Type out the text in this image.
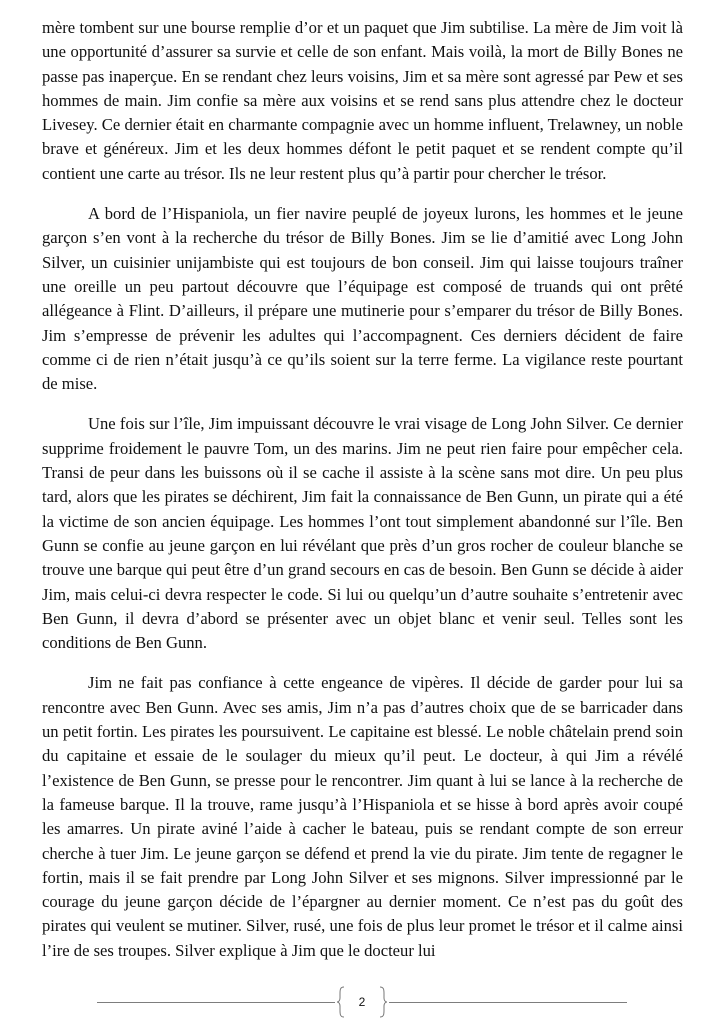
mère tombent sur une bourse remplie d’or et un paquet que Jim subtilise. La mère de Jim voit là une opportunité d’assurer sa survie et celle de son enfant. Mais voilà, la mort de Billy Bones ne passe pas inaperçue. En se rendant chez leurs voisins, Jim et sa mère sont agressé par Pew et ses hommes de main. Jim confie sa mère aux voisins et se rend sans plus attendre chez le docteur Livesey. Ce dernier était en charmante compagnie avec un homme influent, Trelawney, un noble brave et généreux. Jim et les deux hommes défont le petit paquet et se rendent compte qu’il contient une carte au trésor. Ils ne leur restent plus qu’à partir pour chercher le trésor.

A bord de l’Hispaniola, un fier navire peuplé de joyeux lurons, les hommes et le jeune garçon s’en vont à la recherche du trésor de Billy Bones. Jim se lie d’amitié avec Long John Silver, un cuisinier unijambiste qui est toujours de bon conseil. Jim qui laisse toujours traîner une oreille un peu partout découvre que l’équipage est composé de truands qui ont prêté allégeance à Flint. D’ailleurs, il prépare une mutinerie pour s’emparer du trésor de Billy Bones. Jim s’empresse de prévenir les adultes qui l’accompagnent. Ces derniers décident de faire comme ci de rien n’était jusqu’à ce qu’ils soient sur la terre ferme. La vigilance reste pourtant de mise.

Une fois sur l’île, Jim impuissant découvre le vrai visage de Long John Silver. Ce dernier supprime froidement le pauvre Tom, un des marins. Jim ne peut rien faire pour empêcher cela. Transi de peur dans les buissons où il se cache il assiste à la scène sans mot dire. Un peu plus tard, alors que les pirates se déchirent, Jim fait la connaissance de Ben Gunn, un pirate qui a été la victime de son ancien équipage. Les hommes l’ont tout simplement abandonné sur l’île. Ben Gunn se confie au jeune garçon en lui révélant que près d’un gros rocher de couleur blanche se trouve une barque qui peut être d’un grand secours en cas de besoin. Ben Gunn se décide à aider Jim, mais celui-ci devra respecter le code. Si lui ou quelqu’un d’autre souhaite s’entretenir avec Ben Gunn, il devra d’abord se présenter avec un objet blanc et venir seul. Telles sont les conditions de Ben Gunn.

Jim ne fait pas confiance à cette engeance de vipères. Il décide de garder pour lui sa rencontre avec Ben Gunn. Avec ses amis, Jim n’a pas d’autres choix que de se barricader dans un petit fortin. Les pirates les poursuivent. Le capitaine est blessé. Le noble châtelain prend soin du capitaine et essaie de le soulager du mieux qu’il peut. Le docteur, à qui Jim a révélé l’existence de Ben Gunn, se presse pour le rencontrer. Jim quant à lui se lance à la recherche de la fameuse barque. Il la trouve, rame jusqu’à l’Hispaniola et se hisse à bord après avoir coupé les amarres. Un pirate aviné l’aide à cacher le bateau, puis se rendant compte de son erreur cherche à tuer Jim. Le jeune garçon se défend et prend la vie du pirate. Jim tente de regagner le fortin, mais il se fait prendre par Long John Silver et ses mignons. Silver impressionné par le courage du jeune garçon décide de l’épargner au dernier moment. Ce n’est pas du goût des pirates qui veulent se mutiner. Silver, rusé, une fois de plus leur promet le trésor et il calme ainsi l’ire de ses troupes. Silver explique à Jim que le docteur lui

2
